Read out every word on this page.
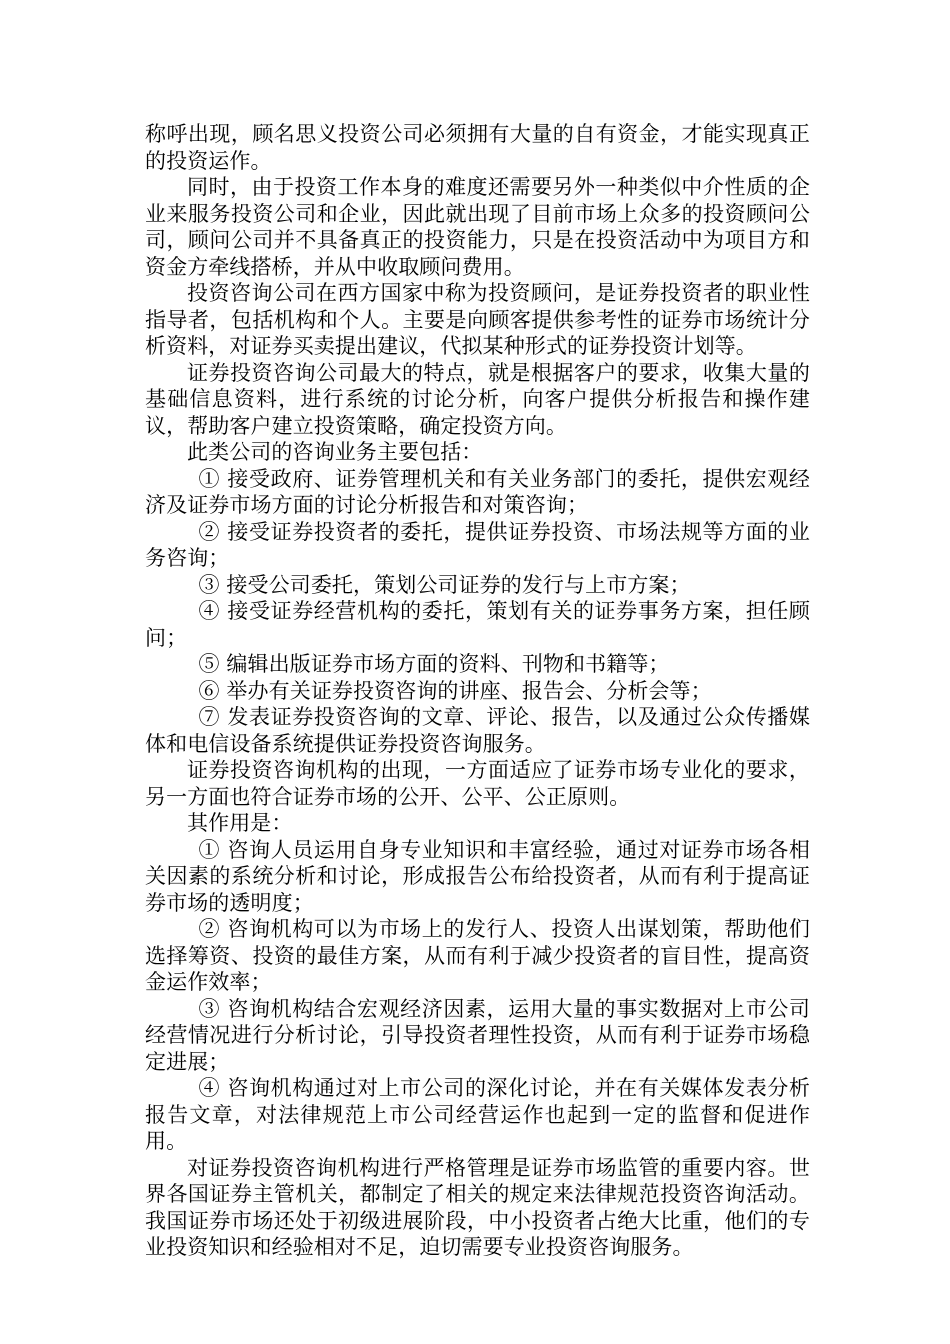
称呼出现，顾名思义投资公司必须拥有大量的自有资金，才能实现真正的投资运作。

同时，由于投资工作本身的难度还需要另外一种类似中介性质的企业来服务投资公司和企业，因此就出现了目前市场上众多的投资顾问公司，顾问公司并不具备真正的投资能力，只是在投资活动中为项目方和资金方牵线搭桥，并从中收取顾问费用。

投资咨询公司在西方国家中称为投资顾问，是证券投资者的职业性指导者，包括机构和个人。主要是向顾客提供参考性的证券市场统计分析资料，对证券买卖提出建议，代拟某种形式的证券投资计划等。

证券投资咨询公司最大的特点，就是根据客户的要求，收集大量的基础信息资料，进行系统的讨论分析，向客户提供分析报告和操作建议，帮助客户建立投资策略，确定投资方向。

此类公司的咨询业务主要包括：

① 接受政府、证券管理机关和有关业务部门的委托，提供宏观经济及证券市场方面的讨论分析报告和对策咨询；

② 接受证券投资者的委托，提供证券投资、市场法规等方面的业务咨询；

③ 接受公司委托，策划公司证券的发行与上市方案；

④ 接受证券经营机构的委托，策划有关的证券事务方案，担任顾问；

⑤ 编辑出版证券市场方面的资料、刊物和书籍等；

⑥ 举办有关证券投资咨询的讲座、报告会、分析会等；

⑦ 发表证券投资咨询的文章、评论、报告，以及通过公众传播媒体和电信设备系统提供证券投资咨询服务。

证券投资咨询机构的出现，一方面适应了证券市场专业化的要求，另一方面也符合证券市场的公开、公平、公正原则。

其作用是：

① 咨询人员运用自身专业知识和丰富经验，通过对证券市场各相关因素的系统分析和讨论，形成报告公布给投资者，从而有利于提高证券市场的透明度；

② 咨询机构可以为市场上的发行人、投资人出谋划策，帮助他们选择筹资、投资的最佳方案，从而有利于减少投资者的盲目性，提高资金运作效率；

③ 咨询机构结合宏观经济因素，运用大量的事实数据对上市公司经营情况进行分析讨论，引导投资者理性投资，从而有利于证券市场稳定进展；

④ 咨询机构通过对上市公司的深化讨论，并在有关媒体发表分析报告文章，对法律规范上市公司经营运作也起到一定的监督和促进作用。

对证券投资咨询机构进行严格管理是证券市场监管的重要内容。世界各国证券主管机关，都制定了相关的规定来法律规范投资咨询活动。我国证券市场还处于初级进展阶段，中小投资者占绝大比重，他们的专业投资知识和经验相对不足，迫切需要专业投资咨询服务。
